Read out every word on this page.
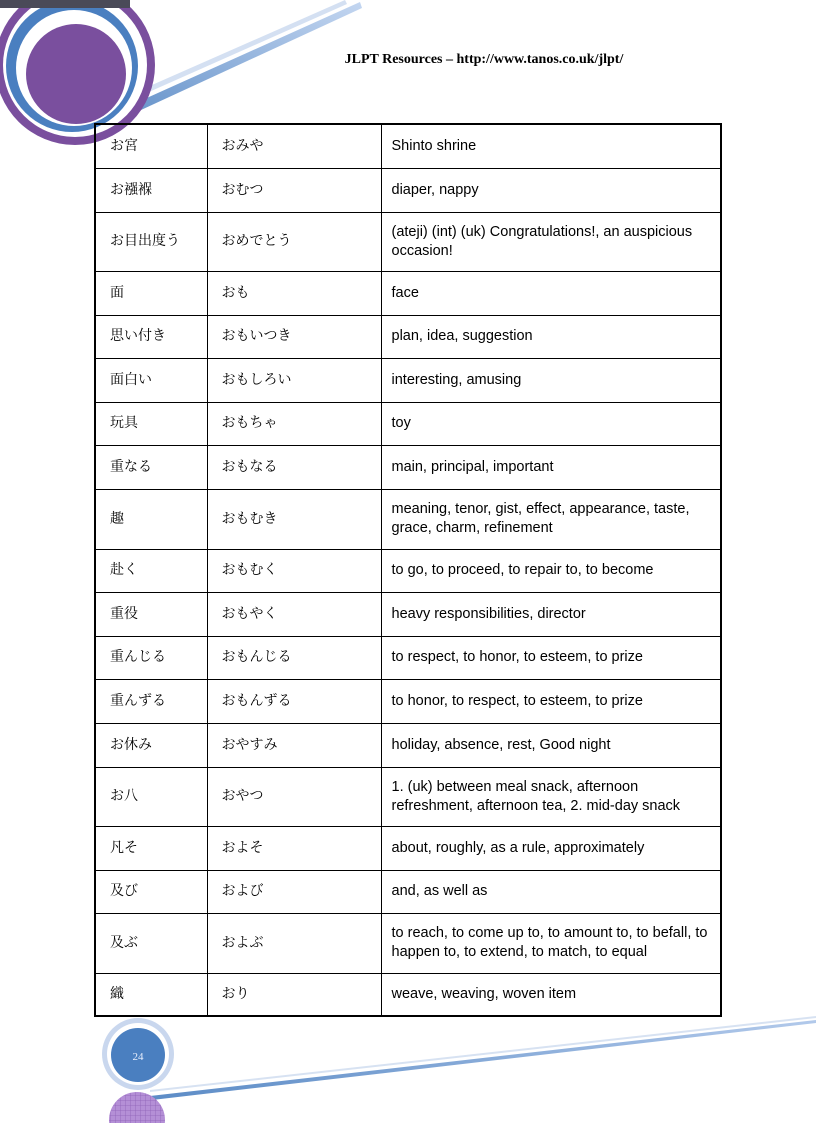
JLPT Resources – http://www.tanos.co.uk/jlpt/
お宮	おみや	Shinto shrine
お襁褓	おむつ	diaper, nappy
お目出度う	おめでとう	(ateji) (int) (uk) Congratulations!, an auspicious occasion!
面	おも	face
思い付き	おもいつき	plan, idea, suggestion
面白い	おもしろい	interesting, amusing
玩具	おもちゃ	toy
重なる	おもなる	main, principal, important
趣	おもむき	meaning, tenor, gist, effect, appearance, taste, grace, charm, refinement
赴く	おもむく	to go, to proceed, to repair to, to become
重役	おもやく	heavy responsibilities, director
重んじる	おもんじる	to respect, to honor, to esteem, to prize
重んずる	おもんずる	to honor, to respect, to esteem, to prize
お休み	おやすみ	holiday, absence, rest, Good night
お八	おやつ	1. (uk) between meal snack, afternoon refreshment, afternoon tea, 2. mid-day snack
凡そ	およそ	about, roughly, as a rule, approximately
及び	および	and, as well as
及ぶ	およぶ	to reach, to come up to, to amount to, to befall, to happen to, to extend, to match, to equal
織	おり	weave, weaving, woven item
24
